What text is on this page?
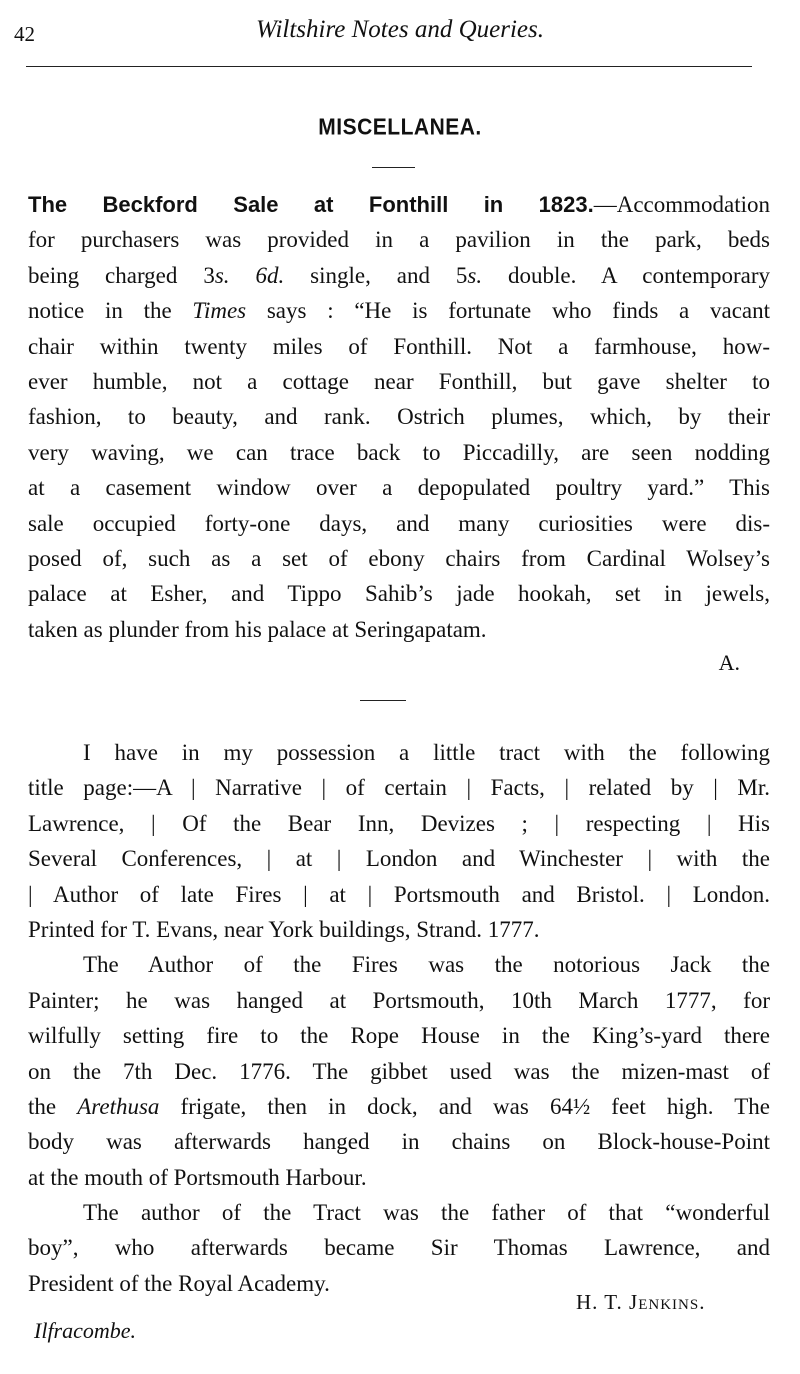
42	Wiltshire Notes and Queries.
MISCELLANEA.
The Beckford Sale at Fonthill in 1823.—Accommodation
for purchasers was provided in a pavilion in the park, beds
being charged 3s. 6d. single, and 5s. double. A contemporary
notice in the Times says : “He is fortunate who finds a vacant
chair within twenty miles of Fonthill. Not a farmhouse, how-
ever humble, not a cottage near Fonthill, but gave shelter to
fashion, to beauty, and rank. Ostrich plumes, which, by their
very waving, we can trace back to Piccadilly, are seen nodding
at a casement window over a depopulated poultry yard.” This
sale occupied forty-one days, and many curiosities were dis-
posed of, such as a set of ebony chairs from Cardinal Wolsey’s
palace at Esher, and Tippo Sahib’s jade hookah, set in jewels,
taken as plunder from his palace at Seringapatam.
A.
I have in my possession a little tract with the following
title page:—A | Narrative | of certain | Facts, | related by | Mr.
Lawrence, | Of the Bear Inn, Devizes ; | respecting | His
Several Conferences, | at | London and Winchester | with the
| Author of late Fires | at | Portsmouth and Bristol. | London.
Printed for T. Evans, near York buildings, Strand. 1777.
The Author of the Fires was the notorious Jack the
Painter; he was hanged at Portsmouth, 10th March 1777, for
wilfully setting fire to the Rope House in the King’s-yard there
on the 7th Dec. 1776. The gibbet used was the mizen-mast of
the Arethusa frigate, then in dock, and was 64½ feet high. The
body was afterwards hanged in chains on Block-house-Point
at the mouth of Portsmouth Harbour.
The author of the Tract was the father of that “wonderful
boy”, who afterwards became Sir Thomas Lawrence, and
President of the Royal Academy.
H. T. Jenkins.
Ilfracombe.
